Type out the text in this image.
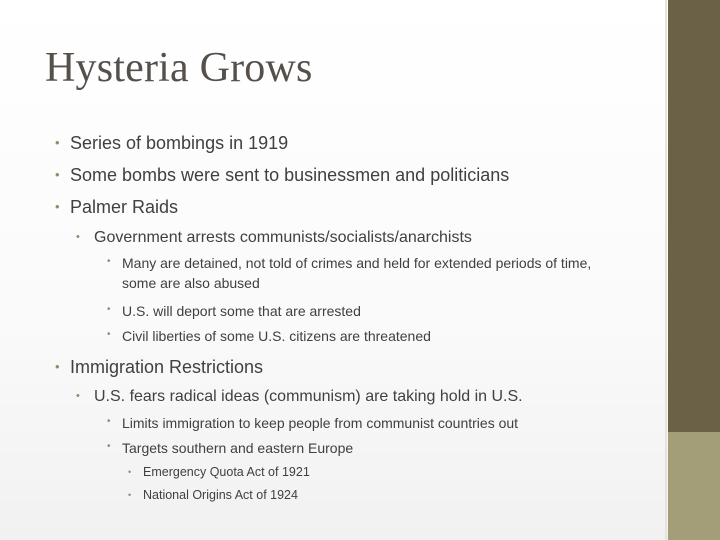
Hysteria Grows
• Series of bombings in 1919
• Some bombs were sent to businessmen and politicians
• Palmer Raids
• Government arrests communists/socialists/anarchists
• Many are detained, not told of crimes and held for extended periods of time, some are also abused
• U.S. will deport some that are arrested
• Civil liberties of some U.S. citizens are threatened
• Immigration Restrictions
• U.S. fears radical ideas (communism) are taking hold in U.S.
• Limits immigration to keep people from communist countries out
• Targets southern and eastern Europe
• Emergency Quota Act of 1921
• National Origins Act of 1924
